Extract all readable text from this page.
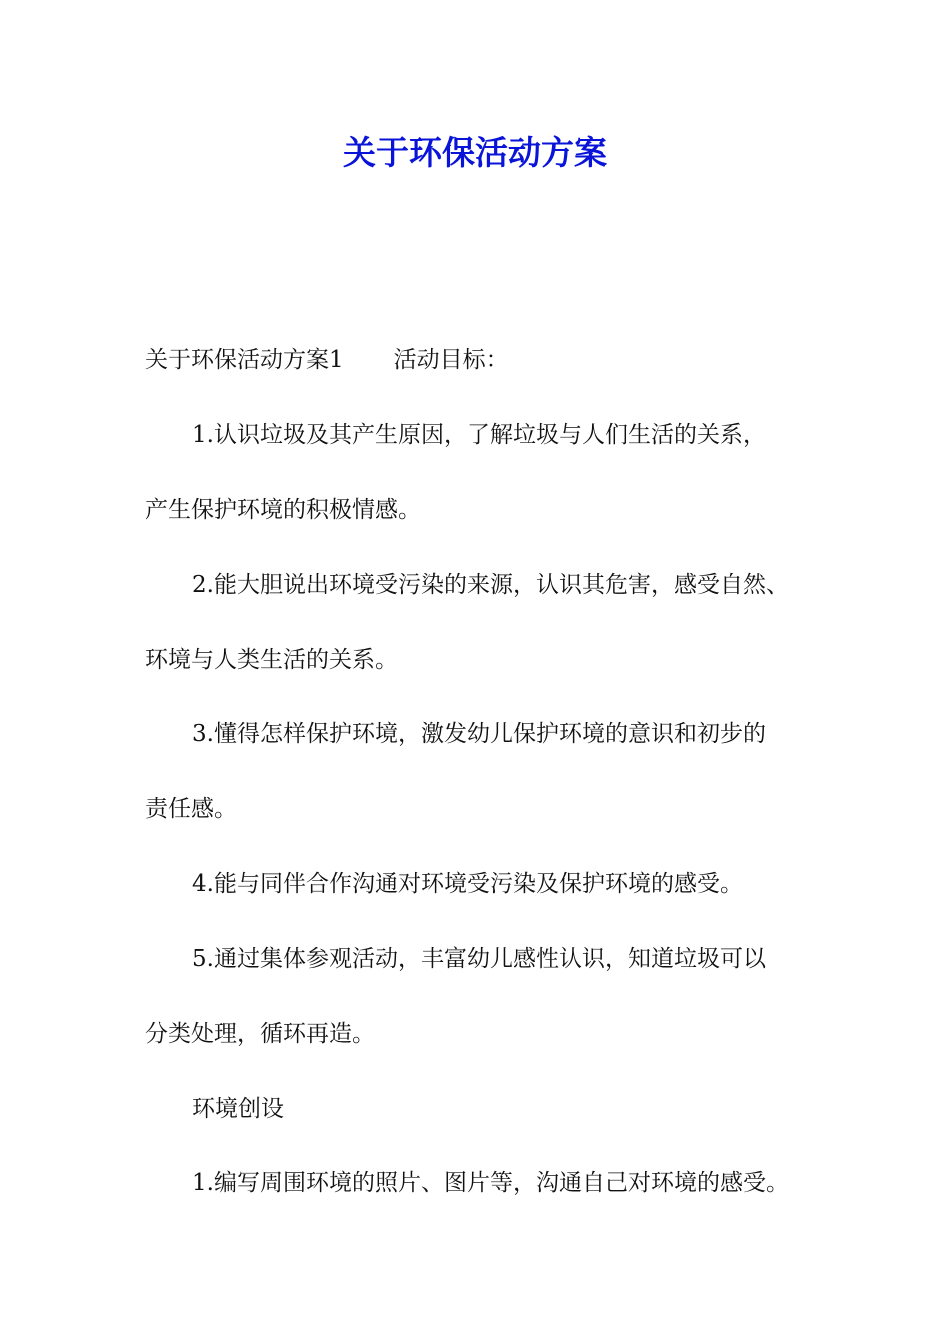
关于环保活动方案

关于环保活动方案1 活动目标：

1.认识垃圾及其产生原因，了解垃圾与人们生活的关系，

产生保护环境的积极情感。

2.能大胆说出环境受污染的来源，认识其危害，感受自然、

环境与人类生活的关系。

3.懂得怎样保护环境，激发幼儿保护环境的意识和初步的

责任感。

4.能与同伴合作沟通对环境受污染及保护环境的感受。

5.通过集体参观活动，丰富幼儿感性认识，知道垃圾可以

分类处理，循环再造。

环境创设

1.编写周围环境的照片、图片等，沟通自己对环境的感受。
